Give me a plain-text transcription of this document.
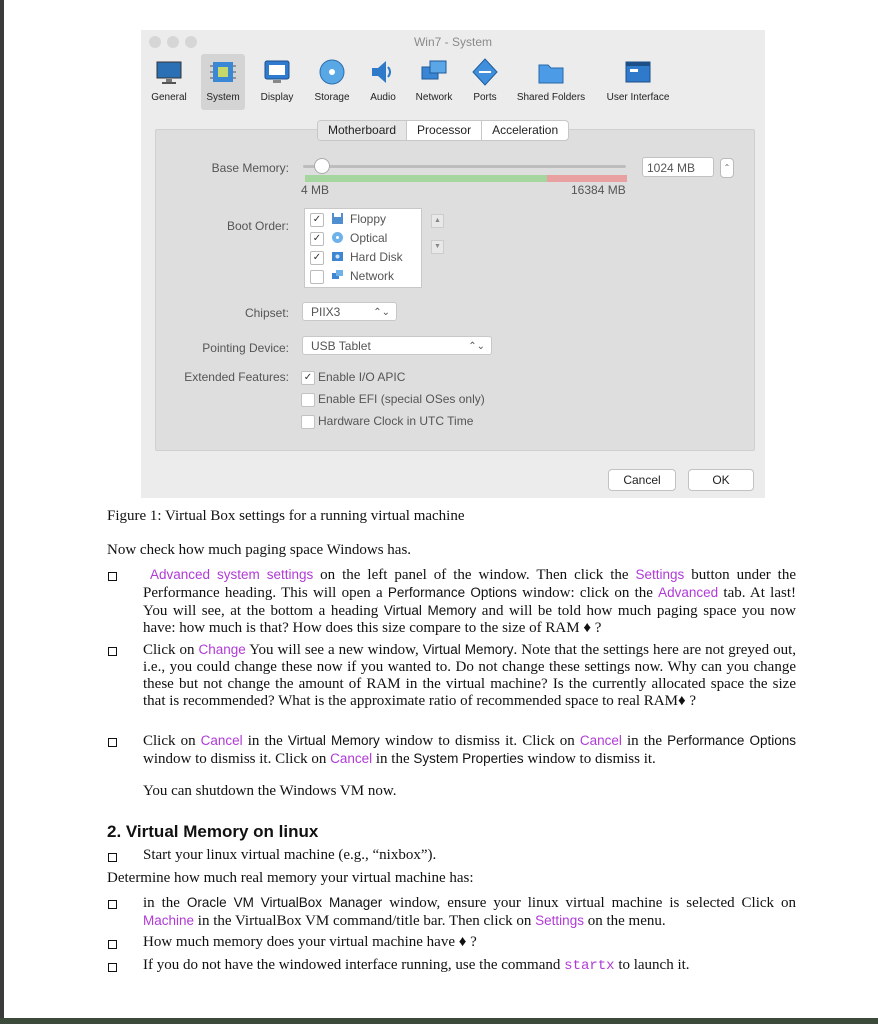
Win7 - System
General	System	Display	Storage	Audio	Network	Ports	Shared Folders	User Interface
Motherboard	Processor	Acceleration
Base Memory:
4 MB	16384 MB
1024 MB	⌃
Boot Order: ✓ Floppy
✓ Optical
✓ Hard Disk
Network
▲
▼
Chipset:	PIIX3	⌃⌄
Pointing Device:	USB Tablet	⌃⌄
Extended Features: ✓ Enable I/O APIC
Enable EFI (special OSes only)
Hardware Clock in UTC Time
Cancel	OK
Figure 1: Virtual Box settings for a running virtual machine
Now check how much paging space Windows has.
Advanced system settings on the left panel of the window. Then click the Settings button under the Performance heading. This will open a Performance Options window: click on the Advanced tab. At last! You will see, at the bottom a heading Virtual Memory and will be told how much paging space you now have: how much is that? How does this size compare to the size of RAM ♦ ?
Click on Change You will see a new window, Virtual Memory. Note that the settings here are not greyed out, i.e., you could change these now if you wanted to. Do not change these settings now. Why can you change these but not change the amount of RAM in the virtual machine? Is the currently allocated space the size that is recommended? What is the approximate ratio of recommended space to real RAM♦ ?
Click on Cancel in the Virtual Memory window to dismiss it. Click on Cancel in the Performance Options window to dismiss it. Click on Cancel in the System Properties window to dismiss it.
You can shutdown the Windows VM now.
2. Virtual Memory on linux
Start your linux virtual machine (e.g., “nixbox”).
Determine how much real memory your virtual machine has:
in the Oracle VM VirtualBox Manager window, ensure your linux virtual machine is selected Click on Machine in the VirtualBox VM command/title bar. Then click on Settings on the menu.
How much memory does your virtual machine have ♦ ?
If you do not have the windowed interface running, use the command startx to launch it.
